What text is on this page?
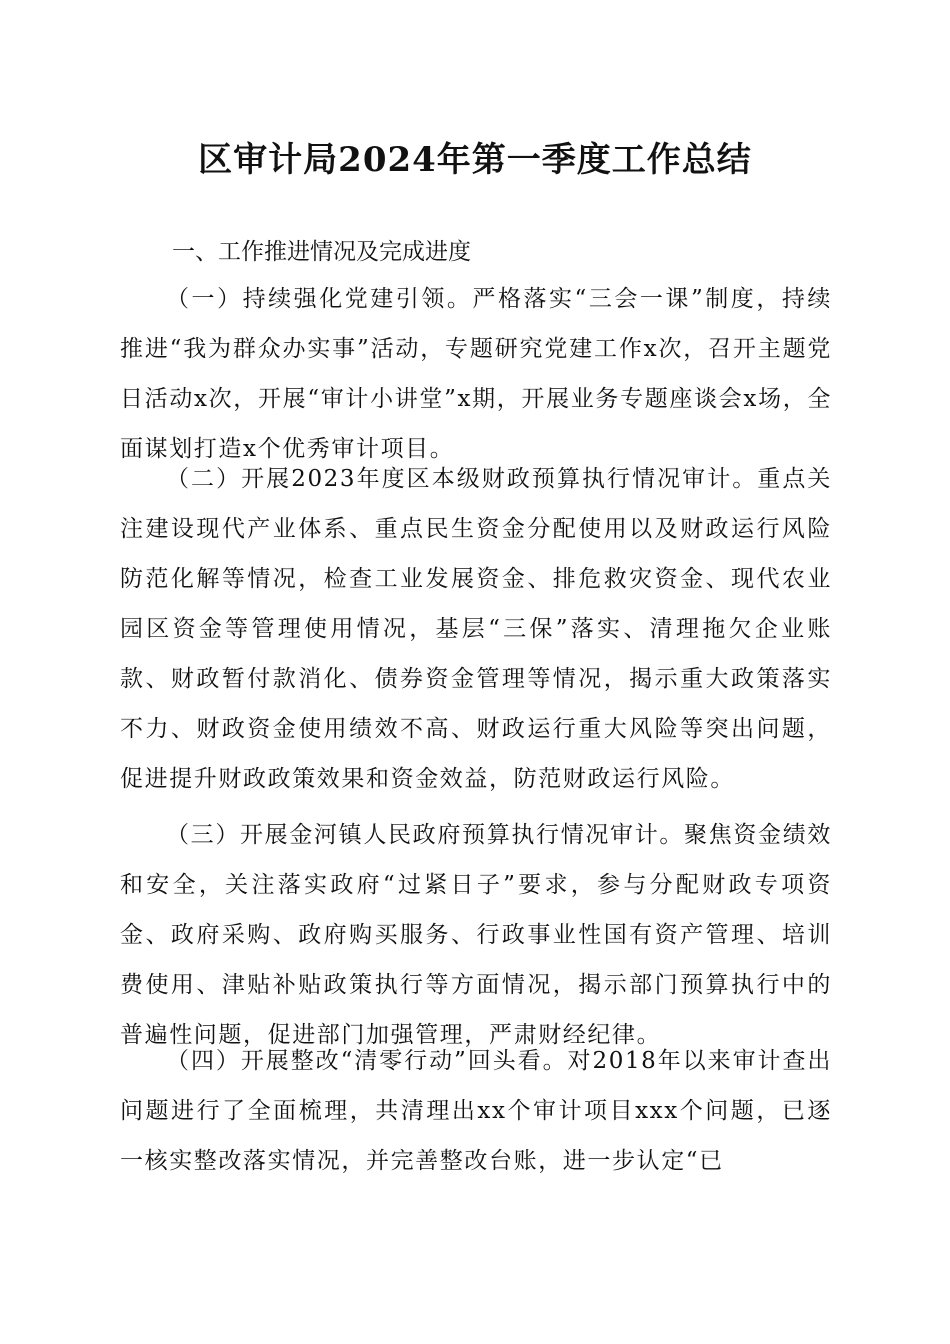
区审计局2024年第一季度工作总结
一、工作推进情况及完成进度

（一）持续强化党建引领。严格落实“三会一课”制度，持续推进“我为群众办实事”活动，专题研究党建工作x次，召开主题党日活动x次，开展“审计小讲堂”x期，开展业务专题座谈会x场，全面谋划打造x个优秀审计项目。

（二）开展2023年度区本级财政预算执行情况审计。重点关注建设现代产业体系、重点民生资金分配使用以及财政运行风险防范化解等情况，检查工业发展资金、排危救灾资金、现代农业园区资金等管理使用情况，基层“三保”落实、清理拖欠企业账款、财政暂付款消化、债券资金管理等情况，揭示重大政策落实不力、财政资金使用绩效不高、财政运行重大风险等突出问题，促进提升财政政策效果和资金效益，防范财政运行风险。

（三）开展金河镇人民政府预算执行情况审计。聚焦资金绩效和安全，关注落实政府“过紧日子”要求，参与分配财政专项资金、政府采购、政府购买服务、行政事业性国有资产管理、培训费使用、津贴补贴政策执行等方面情况，揭示部门预算执行中的普遍性问题，促进部门加强管理，严肃财经纪律。

（四）开展整改“清零行动”回头看。对2018年以来审计查出问题进行了全面梳理，共清理出xx个审计项目xxx个问题，已逐一核实整改落实情况，并完善整改台账，进一步认定“已
